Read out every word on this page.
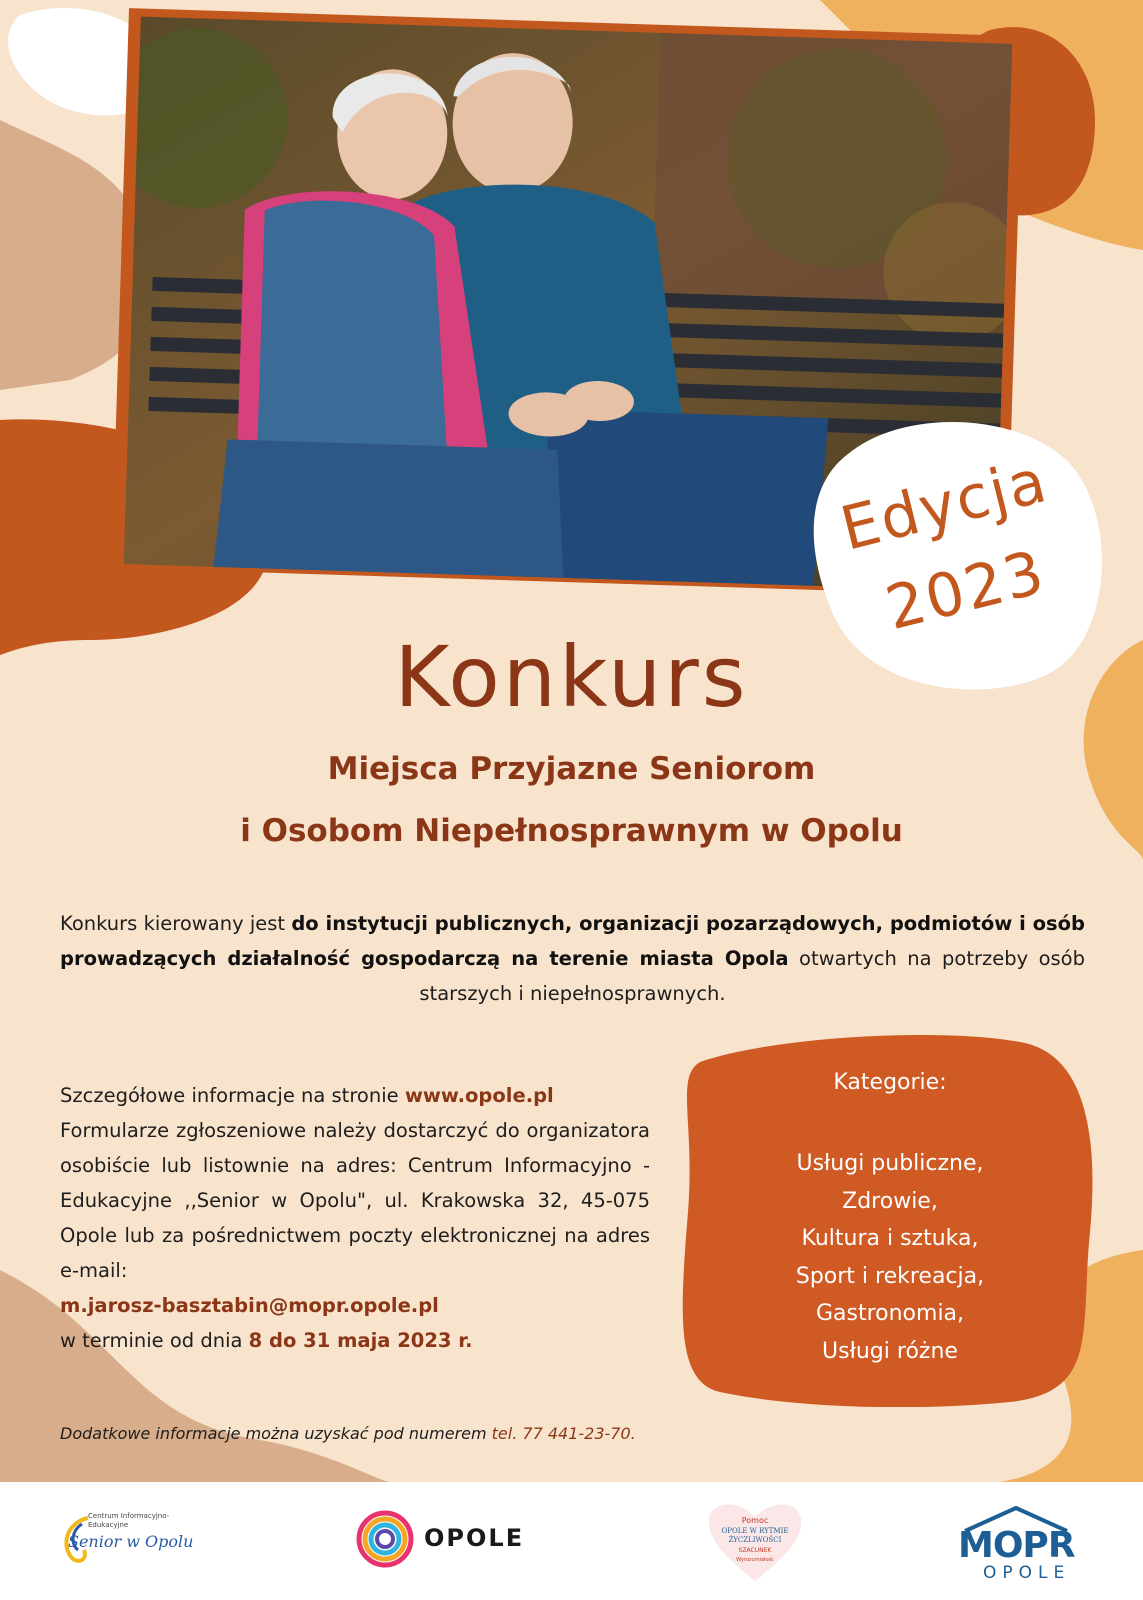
Edycja
2023
Konkurs
Miejsca Przyjazne Seniorom
i Osobom Niepełnosprawnym w Opolu

Konkurs kierowany jest do instytucji publicznych, organizacji pozarządowych, podmiotów i osób prowadzących działalność gospodarczą na terenie miasta Opola otwartych na potrzeby osób starszych i niepełnosprawnych.

Szczegółowe informacje na stronie www.opole.pl

Formularze zgłoszeniowe należy dostarczyć do organizatora osobiście lub listownie na adres: Centrum Informacyjno - Edukacyjne ,,Senior w Opolu", ul. Krakowska 32, 45-075 Opole lub za pośrednictwem poczty elektronicznej na adres e-mail:
m.jarosz-basztabin@mopr.opole.pl
w terminie od dnia 8 do 31 maja 2023 r.
Kategorie:
Usługi publiczne,
Zdrowie,
Kultura i sztuka,
Sport i rekreacja,
Gastronomia,
Usługi różne
Dodatkowe informacje można uzyskać pod numerem tel. 77 441-23-70.
Centrum Informacyjno-Edukacyjne
Senior w Opolu	OPOLE
Pomoc
OPOLE W RYTMIE
ŻYCZLIWOŚCI
SZACUNEK
Wyrozumiałość	MOPR
OPOLE
